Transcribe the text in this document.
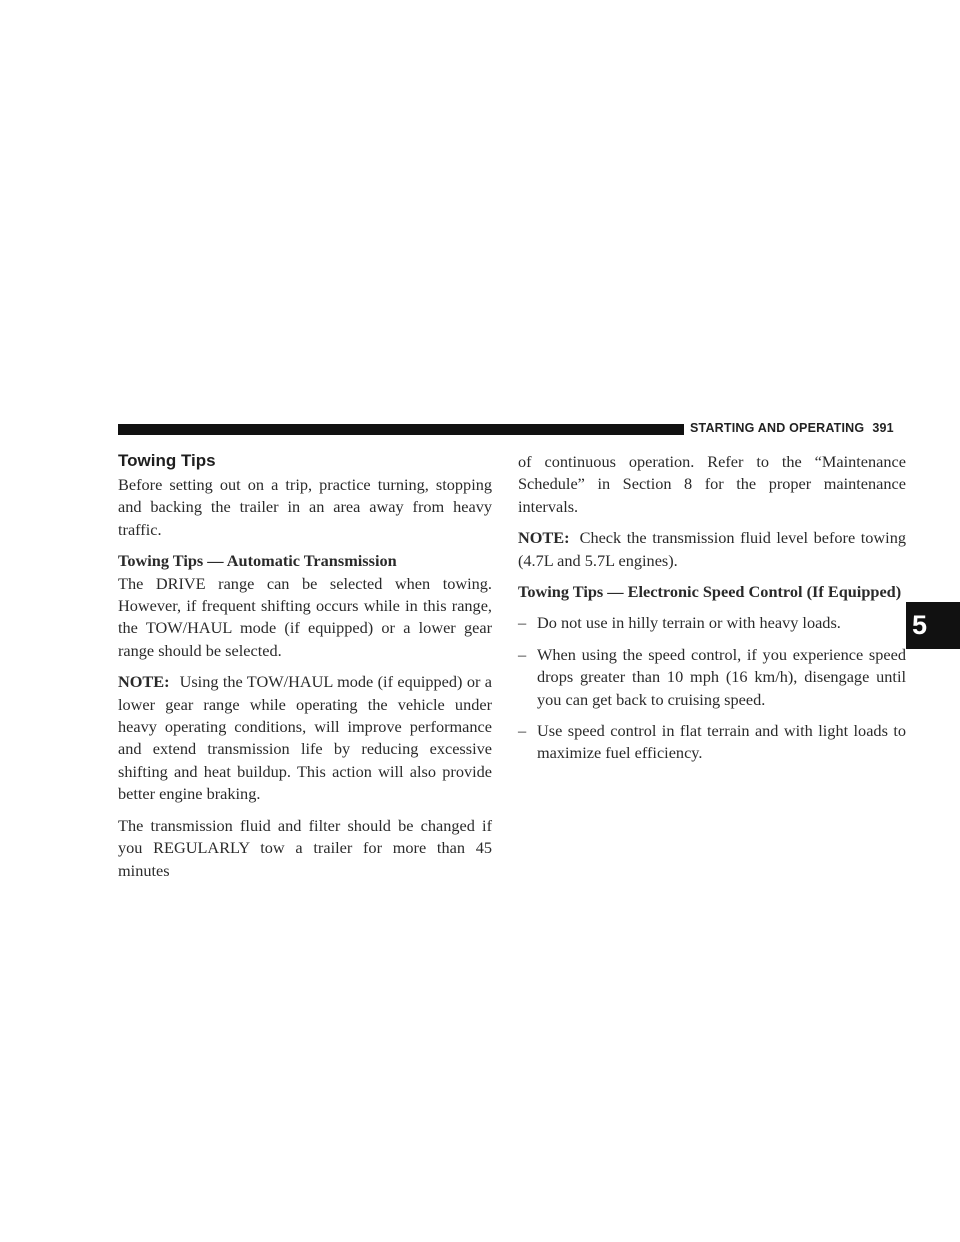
STARTING AND OPERATING 391
5
Towing Tips

Before setting out on a trip, practice turning, stopping and backing the trailer in an area away from heavy traffic.

Towing Tips — Automatic Transmission

The DRIVE range can be selected when towing. However, if frequent shifting occurs while in this range, the TOW/HAUL mode (if equipped) or a lower gear range should be selected.

NOTE: Using the TOW/HAUL mode (if equipped) or a lower gear range while operating the vehicle under heavy operating conditions, will improve performance and extend transmission life by reducing excessive shifting and heat buildup. This action will also provide better engine braking.

The transmission fluid and filter should be changed if you REGULARLY tow a trailer for more than 45 minutes

of continuous operation. Refer to the “Maintenance Schedule” in Section 8 for the proper maintenance intervals.

NOTE: Check the transmission fluid level before towing (4.7L and 5.7L engines).

Towing Tips — Electronic Speed Control (If Equipped)
– Do not use in hilly terrain or with heavy loads.
– When using the speed control, if you experience speed drops greater than 10 mph (16 km/h), disengage until you can get back to cruising speed.
– Use speed control in flat terrain and with light loads to maximize fuel efficiency.
